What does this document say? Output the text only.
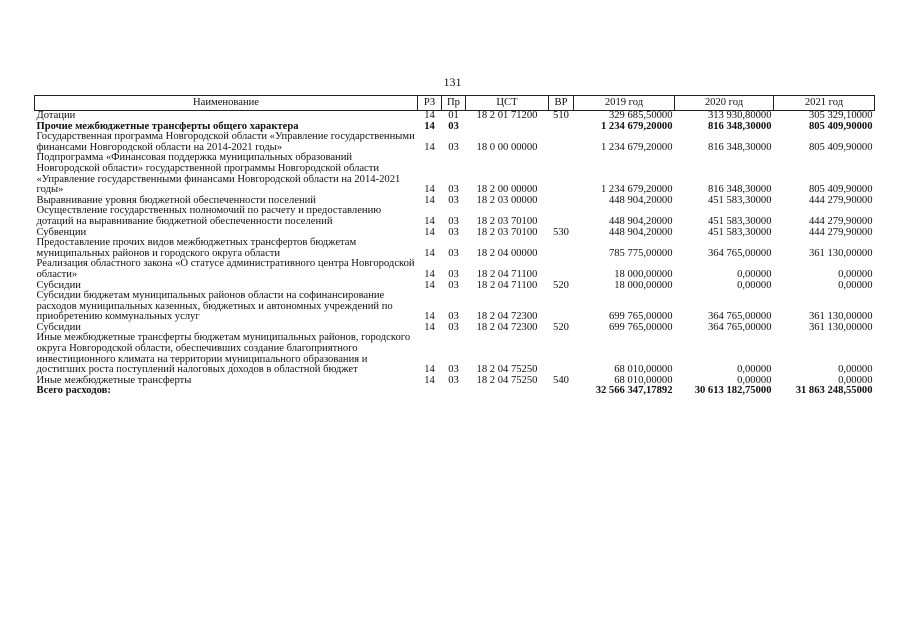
131
Наименование	РЗ	Пр	ЦСТ	ВР	2019 год	2020 год	2021 год
Дотации	14	01	18 2 01 71200	510	329 685,50000	313 930,80000	305 329,10000
Прочие межбюджетные трансферты общего характера	14	03			1 234 679,20000	816 348,30000	805 409,90000
Государственная программа Новгородской области «Управление государственными финансами Новгородской области на 2014-2021 годы»	14	03	18 0 00 00000		1 234 679,20000	816 348,30000	805 409,90000
Подпрограмма «Финансовая поддержка муниципальных образований Новгородской области» государственной программы Новгородской области «Управление государственными финансами Новгородской области на 2014-2021 годы»	14	03	18 2 00 00000		1 234 679,20000	816 348,30000	805 409,90000
Выравнивание уровня бюджетной обеспеченности поселений	14	03	18 2 03 00000		448 904,20000	451 583,30000	444 279,90000
Осуществление государственных полномочий по расчету и предоставлению дотаций на выравнивание бюджетной обеспеченности поселений	14	03	18 2 03 70100		448 904,20000	451 583,30000	444 279,90000
Субвенции	14	03	18 2 03 70100	530	448 904,20000	451 583,30000	444 279,90000
Предоставление прочих видов межбюджетных трансфертов бюджетам муниципальных районов и городского округа области	14	03	18 2 04 00000		785 775,00000	364 765,00000	361 130,00000
Реализация областного закона «О статусе административного центра Новгородской области»	14	03	18 2 04 71100		18 000,00000	0,00000	0,00000
Субсидии	14	03	18 2 04 71100	520	18 000,00000	0,00000	0,00000
Субсидии бюджетам муниципальных районов области на софинансирование расходов муниципальных казенных, бюджетных и автономных учреждений по приобретению коммунальных услуг	14	03	18 2 04 72300		699 765,00000	364 765,00000	361 130,00000
Субсидии	14	03	18 2 04 72300	520	699 765,00000	364 765,00000	361 130,00000
Иные межбюджетные трансферты бюджетам муниципальных районов, городского округа Новгородской области, обеспечивших создание благоприятного инвестиционного климата на территории муниципального образования и достигших роста поступлений налоговых доходов в областной бюджет	14	03	18 2 04 75250		68 010,00000	0,00000	0,00000
Иные межбюджетные трансферты	14	03	18 2 04 75250	540	68 010,00000	0,00000	0,00000
Всего расходов:					32 566 347,17892	30 613 182,75000	31 863 248,55000
